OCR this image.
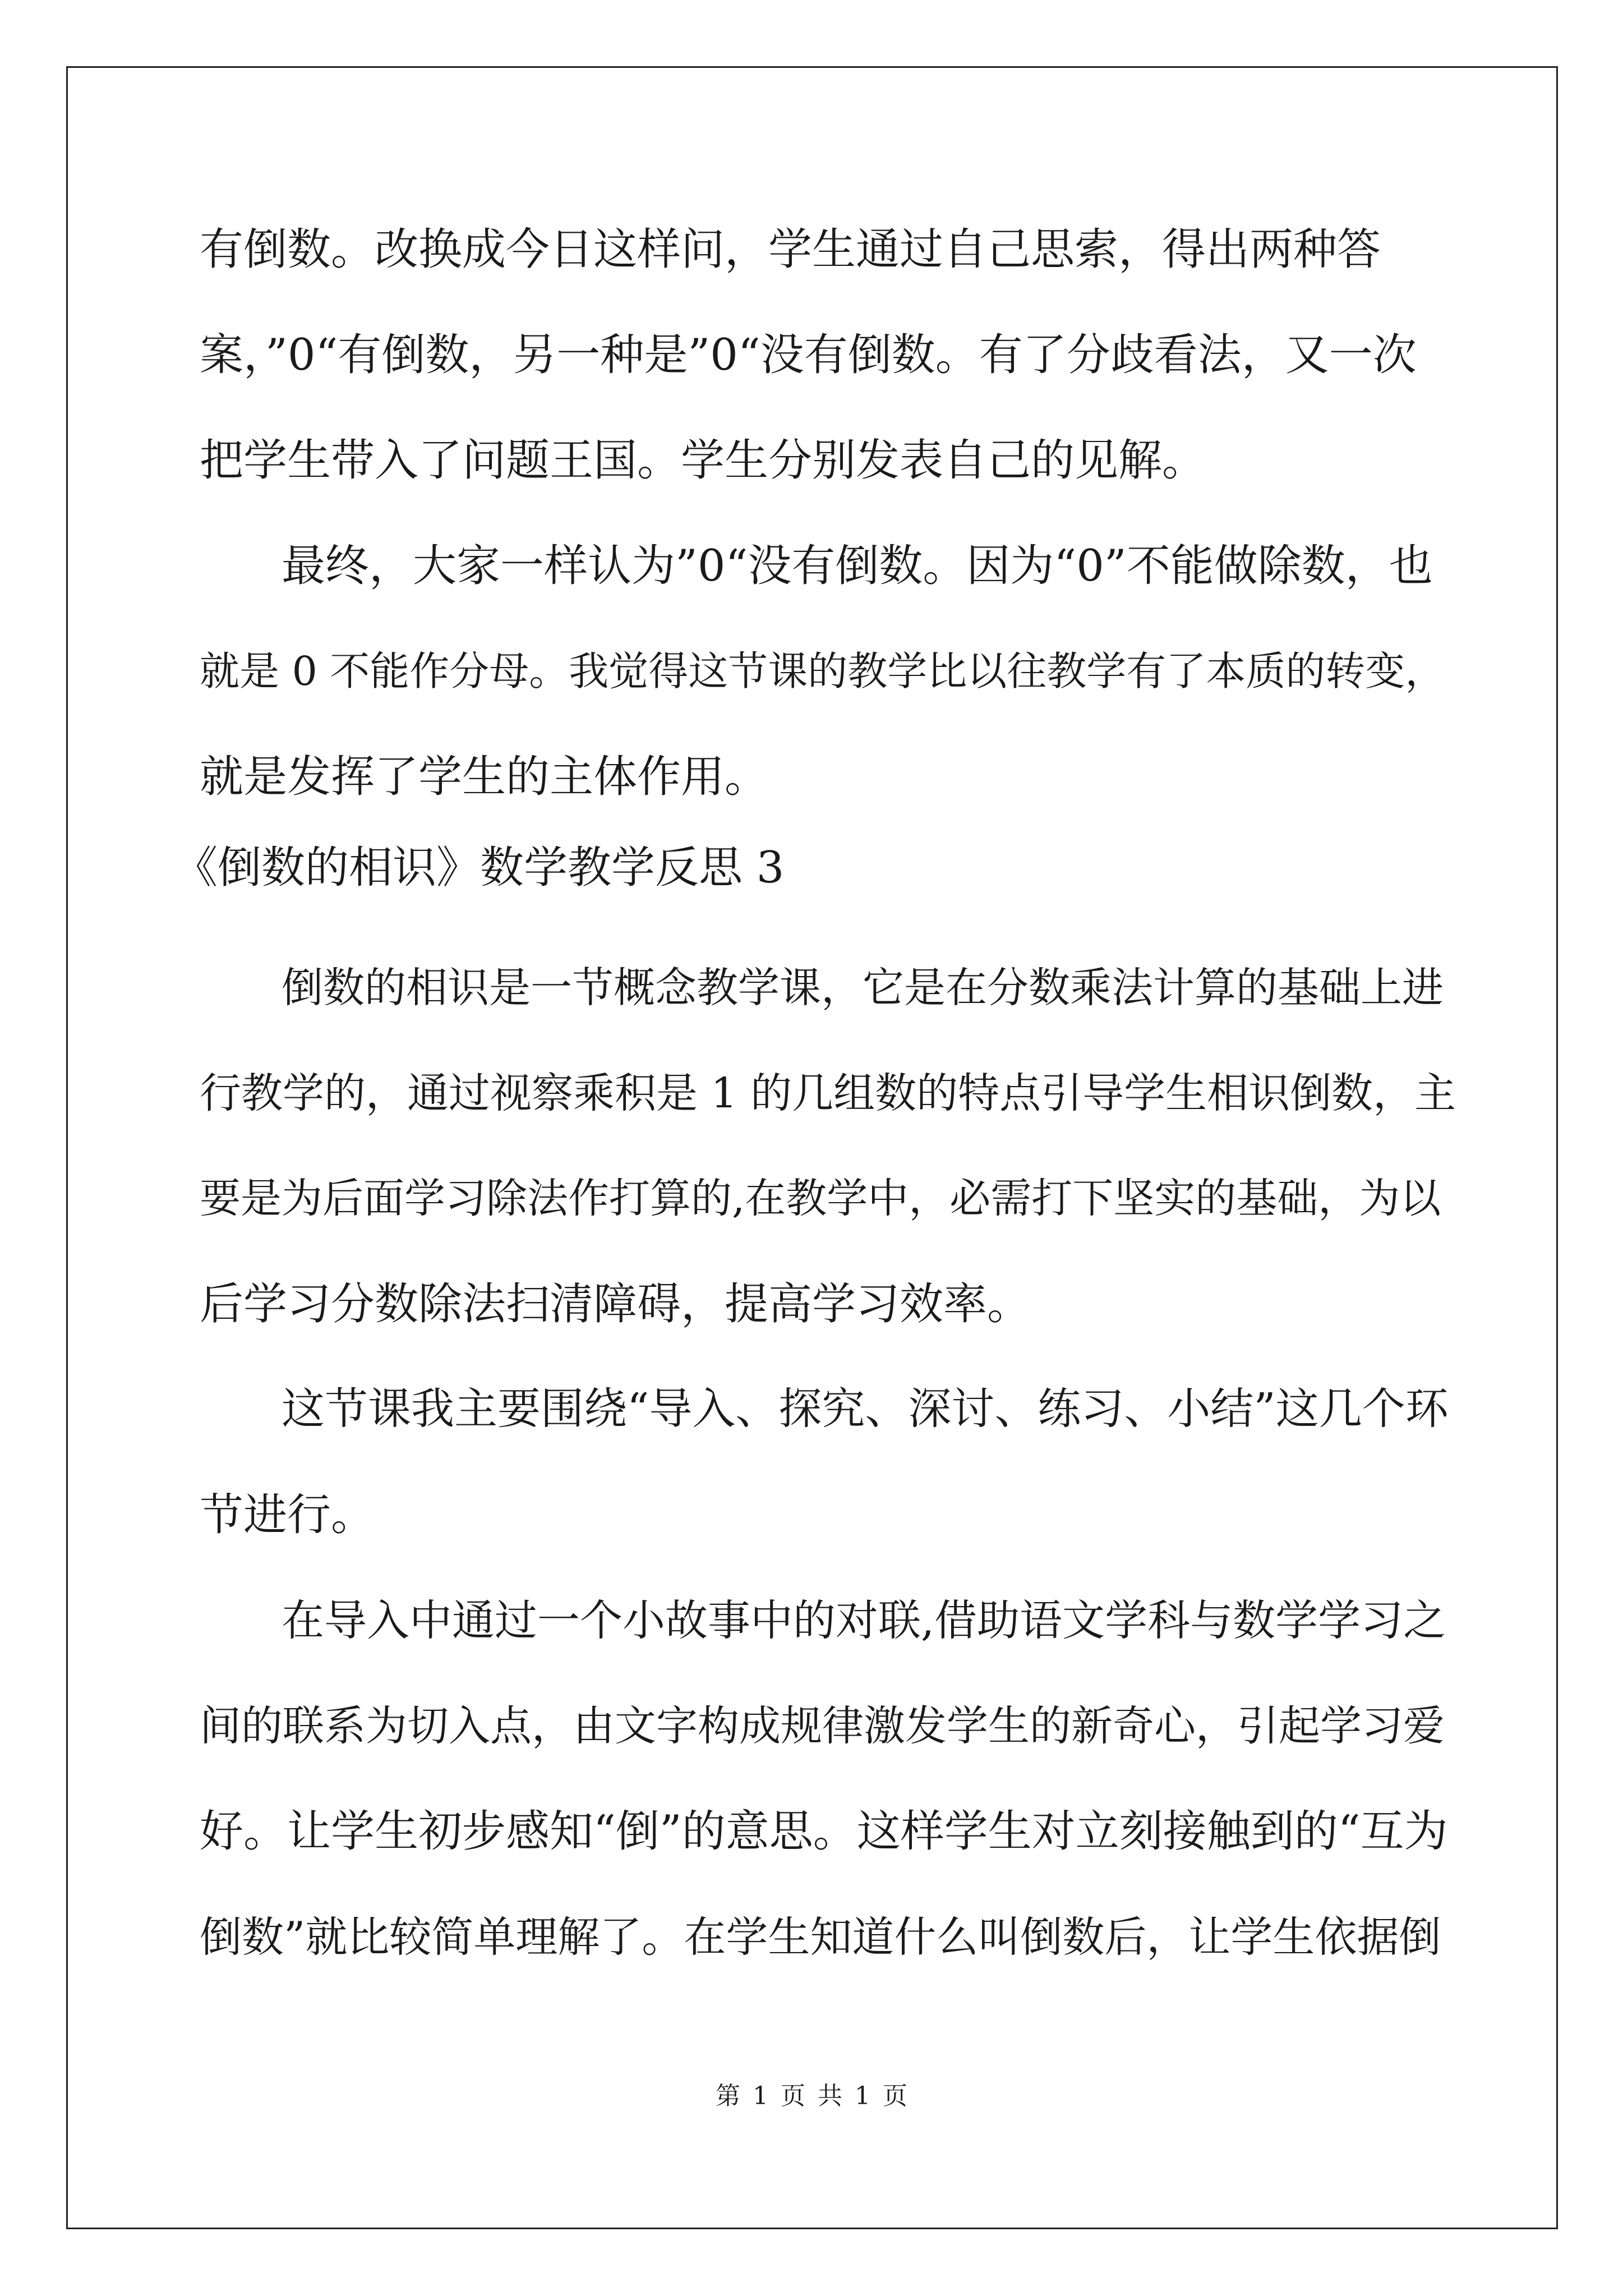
有倒数。改换成今日这样问，学生通过自己思索，得出两种答
案，”0“有倒数，另一种是”0“没有倒数。有了分歧看法，又一次
把学生带入了问题王国。学生分别发表自己的见解。
最终，大家一样认为”0“没有倒数。因为“0”不能做除数，也
就是 0 不能作分母。我觉得这节课的教学比以往教学有了本质的转变，
就是发挥了学生的主体作用。
《倒数的相识》数学教学反思 3
倒数的相识是一节概念教学课，它是在分数乘法计算的基础上进
行教学的，通过视察乘积是 1 的几组数的特点引导学生相识倒数，主
要是为后面学习除法作打算的,在教学中，必需打下坚实的基础，为以
后学习分数除法扫清障碍，提高学习效率。
这节课我主要围绕“导入、探究、深讨、练习、小结”这几个环
节进行。
在导入中通过一个小故事中的对联,借助语文学科与数学学习之
间的联系为切入点，由文字构成规律激发学生的新奇心，引起学习爱
好。让学生初步感知“倒”的意思。这样学生对立刻接触到的“互为
倒数”就比较简单理解了。在学生知道什么叫倒数后，让学生依据倒
第 1 页 共 1 页
